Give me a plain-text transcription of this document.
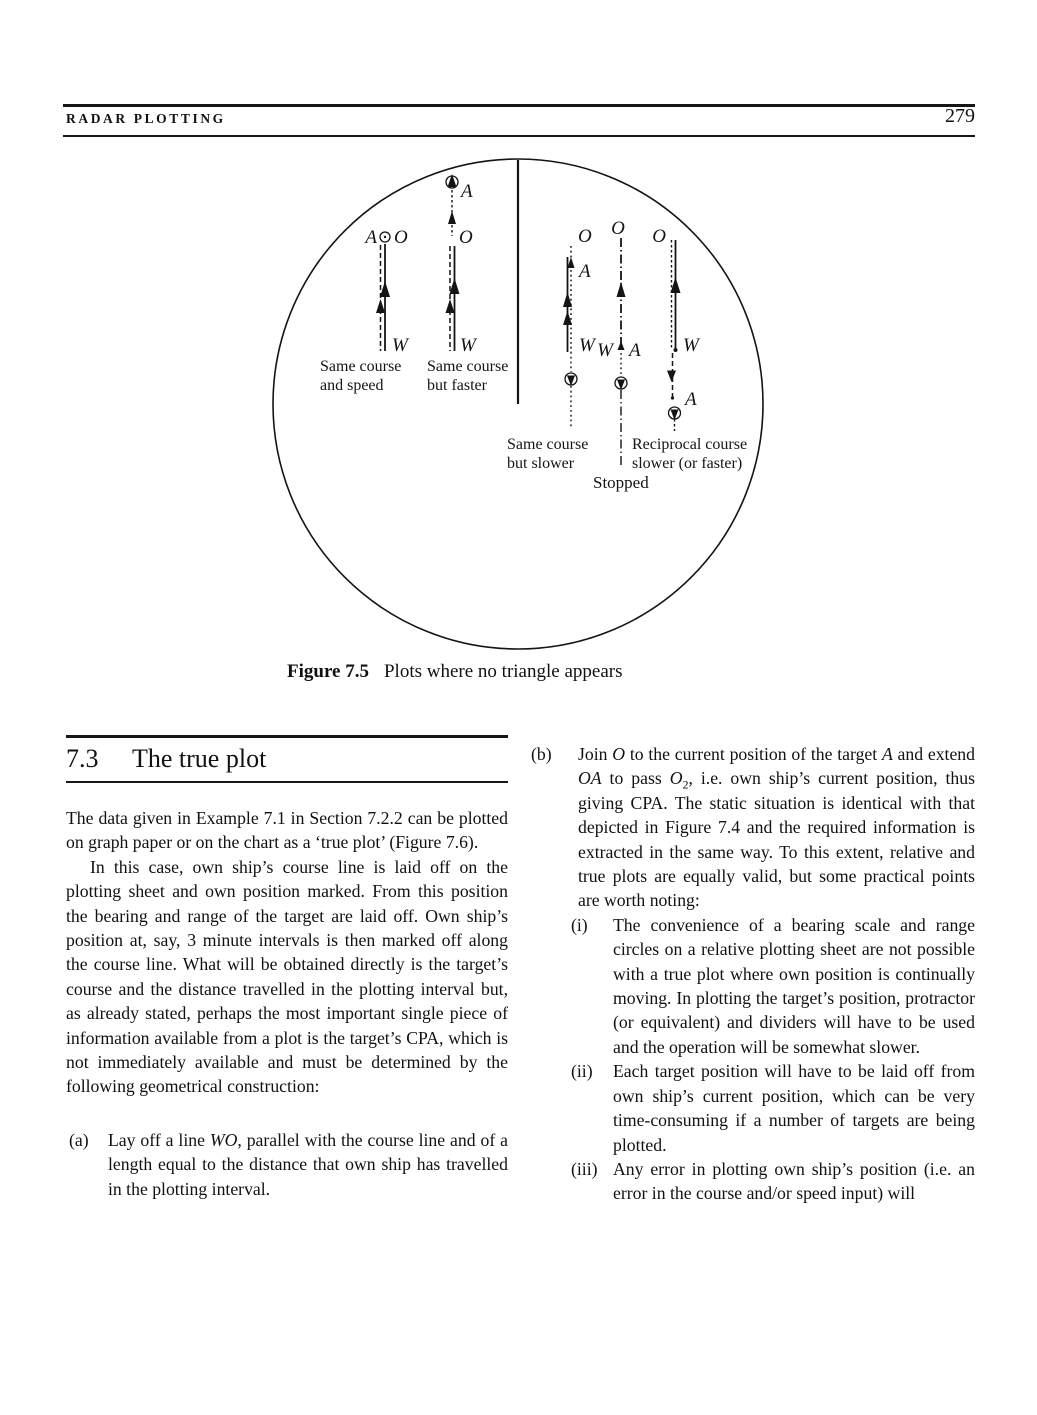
RADAR PLOTTING	279
A O
W
Same course
and speed
A
O
W
Same course
but faster
O
A
W
Same course
but slower
O
W A
Stopped
O
W
A
Reciprocal course
slower (or faster)
Figure 7.5 Plots where no triangle appears
7.3 The true plot

The data given in Example 7.1 in Section 7.2.2 can be plotted on graph paper or on the chart as a ‘true plot’ (Figure 7.6).

In this case, own ship’s course line is laid off on the plotting sheet and own position marked. From this position the bearing and range of the target are laid off. Own ship’s position at, say, 3 minute intervals is then marked off along the course line. What will be obtained directly is the target’s course and the distance travelled in the plotting interval but, as already stated, perhaps the most important single piece of information available from a plot is the target’s CPA, which is not immediately available and must be determined by the following geometrical construction:

(a) Lay off a line WO, parallel with the course line and of a length equal to the distance that own ship has travelled in the plotting interval.
(b) Join O to the current position of the target A and extend OA to pass $O_2$, i.e. own ship’s current position, thus giving CPA. The static situation is identical with that depicted in Figure 7.4 and the required information is extracted in the same way. To this extent, relative and true plots are equally valid, but some practical points are worth noting:
(i) The convenience of a bearing scale and range circles on a relative plotting sheet are not possible with a true plot where own position is continually moving. In plotting the target’s position, protractor (or equivalent) and dividers will have to be used and the operation will be somewhat slower.
(ii) Each target position will have to be laid off from own ship’s current position, which can be very time-consuming if a number of targets are being plotted.
(iii) Any error in plotting own ship’s position (i.e. an error in the course and/or speed input) will
